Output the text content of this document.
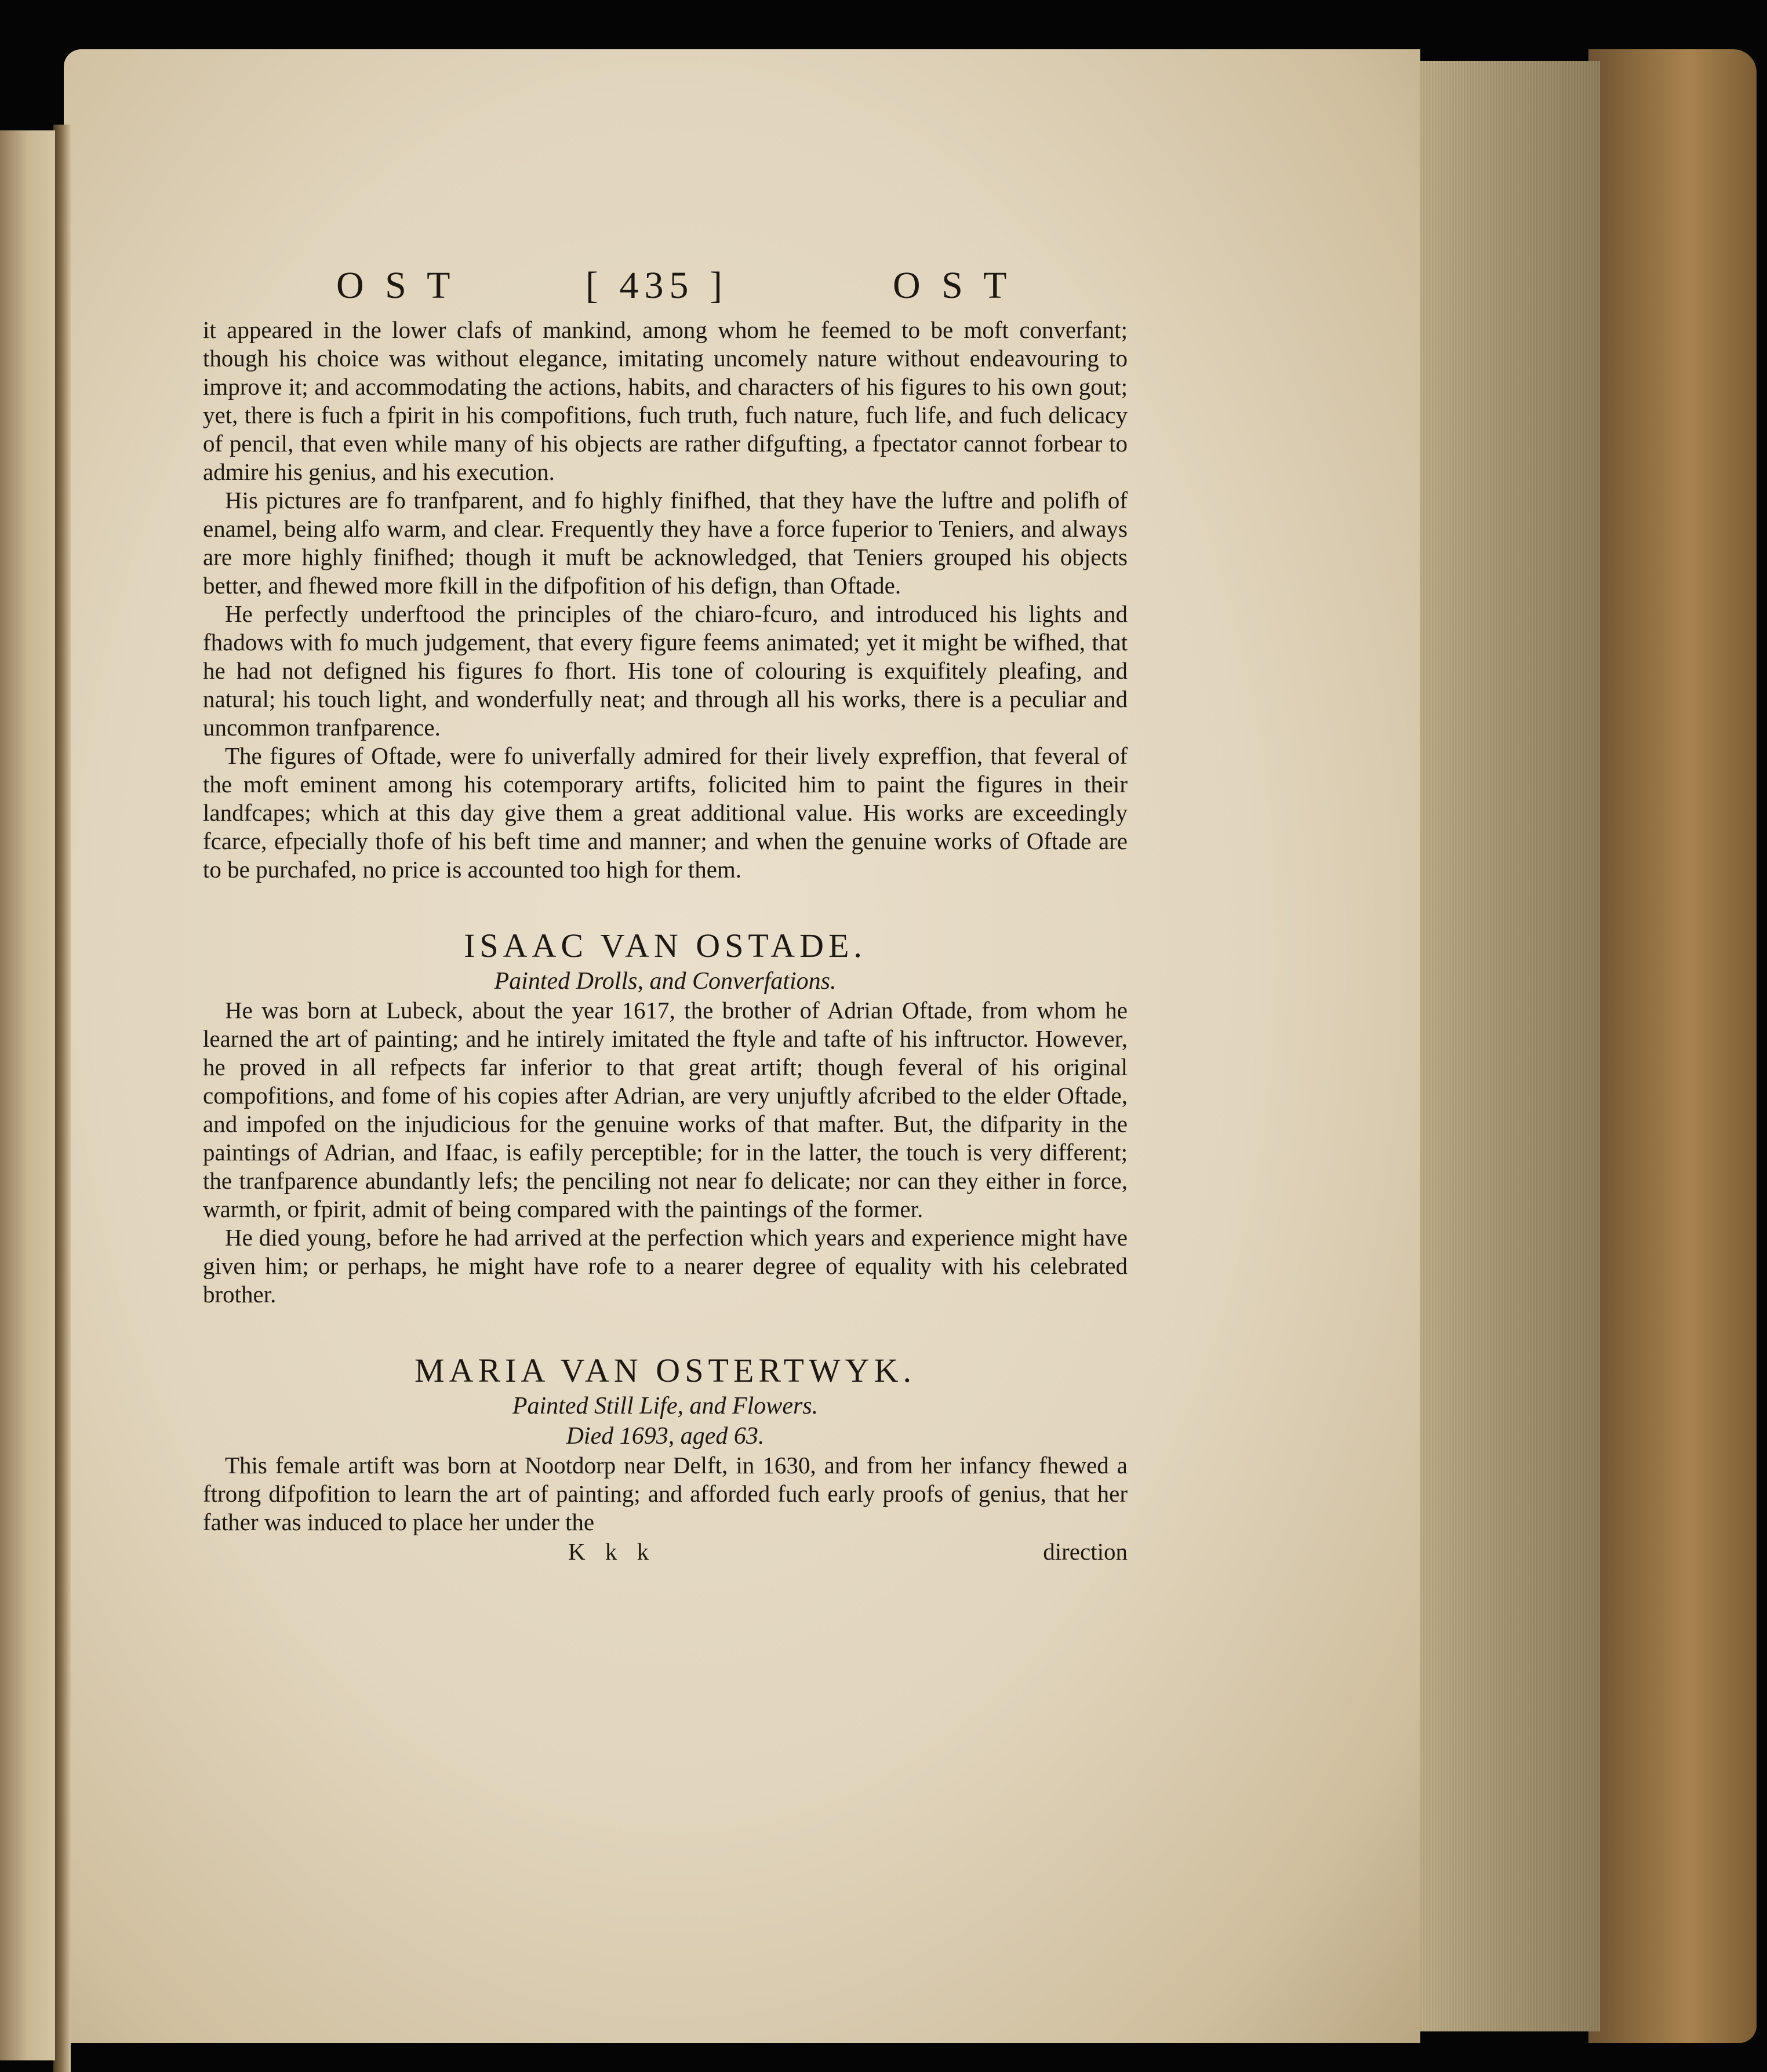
O S T	[ 435 ]	O S T

it appeared in the lower clafs of mankind, among whom he feemed to be moft converfant; though his choice was without elegance, imitating uncomely nature without endeavouring to improve it; and accommodating the actions, habits, and characters of his figures to his own gout; yet, there is fuch a fpirit in his compofitions, fuch truth, fuch nature, fuch life, and fuch delicacy of pencil, that even while many of his objects are rather difgufting, a fpectator cannot forbear to admire his genius, and his execution.

His pictures are fo tranfparent, and fo highly finifhed, that they have the luftre and polifh of enamel, being alfo warm, and clear. Frequently they have a force fuperior to Teniers, and always are more highly finifhed; though it muft be acknowledged, that Teniers grouped his objects better, and fhewed more fkill in the difpofition of his defign, than Oftade.

He perfectly underftood the principles of the chiaro-fcuro, and introduced his lights and fhadows with fo much judgement, that every figure feems animated; yet it might be wifhed, that he had not defigned his figures fo fhort. His tone of colouring is exquifitely pleafing, and natural; his touch light, and wonderfully neat; and through all his works, there is a peculiar and uncommon tranfparence.

The figures of Oftade, were fo univerfally admired for their lively expreffion, that feveral of the moft eminent among his cotemporary artifts, folicited him to paint the figures in their landfcapes; which at this day give them a great additional value. His works are exceedingly fcarce, efpecially thofe of his beft time and manner; and when the genuine works of Oftade are to be purchafed, no price is accounted too high for them.

ISAAC VAN OSTADE.

Painted Drolls, and Converfations.

He was born at Lubeck, about the year 1617, the brother of Adrian Oftade, from whom he learned the art of painting; and he intirely imitated the ftyle and tafte of his inftructor. However, he proved in all refpects far inferior to that great artift; though feveral of his original compofitions, and fome of his copies after Adrian, are very unjuftly afcribed to the elder Oftade, and impofed on the injudicious for the genuine works of that mafter. But, the difparity in the paintings of Adrian, and Ifaac, is eafily perceptible; for in the latter, the touch is very different; the tranfparence abundantly lefs; the penciling not near fo delicate; nor can they either in force, warmth, or fpirit, admit of being compared with the paintings of the former.

He died young, before he had arrived at the perfection which years and experience might have given him; or perhaps, he might have rofe to a nearer degree of equality with his celebrated brother.

MARIA VAN OSTERTWYK.

Painted Still Life, and Flowers.

Died 1693, aged 63.

This female artift was born at Nootdorp near Delft, in 1630, and from her infancy fhewed a ftrong difpofition to learn the art of painting; and afforded fuch early proofs of genius, that her father was induced to place her under the

K k k	direction
